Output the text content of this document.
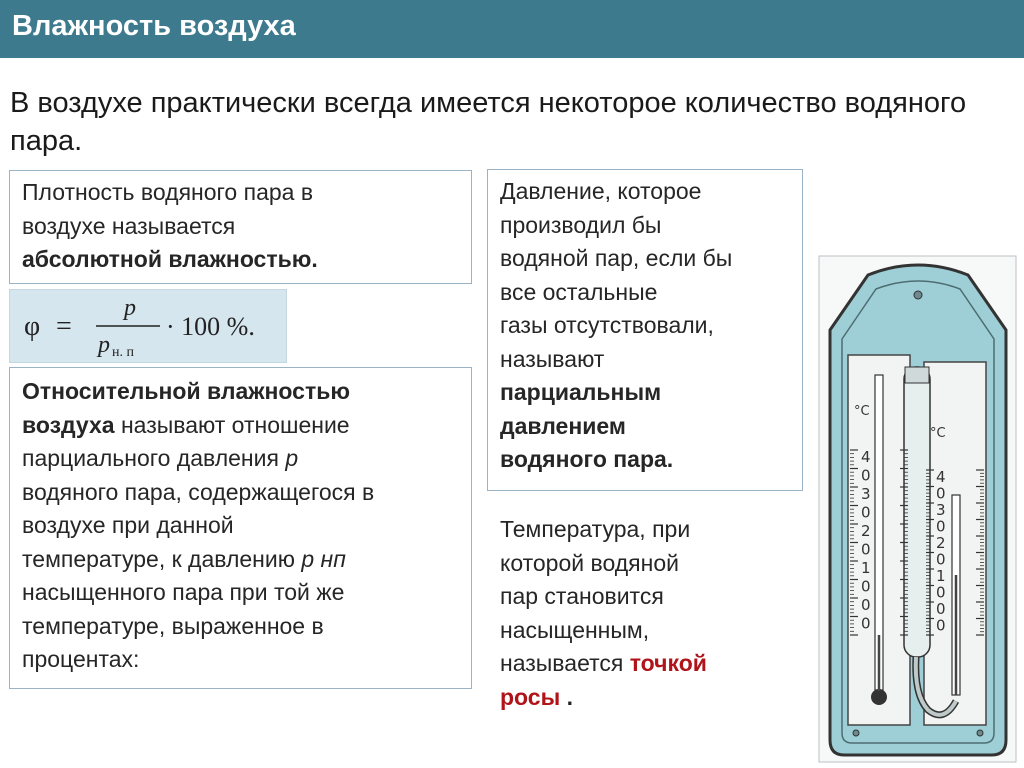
Влажность воздуха
В воздухе практически всегда имеется некоторое количество водяного пара.
Плотность водяного пара в
воздухе называется
абсолютной влажностью.
φ =
p
p н. п
· 100 %.
Относительной влажностью
воздуха называют отношение
парциального давления p
водяного пара, содержащегося в
воздухе при данной
температуре, к давлению p нп
насыщенного пара при той же
температуре, выраженное в
процентах:
Давление, которое
производил бы
водяной пар, если бы
все остальные
газы отсутствовали,
называют
парциальным
давлением
водяного пара.
Температура, при
которой водяной
пар становится
насыщенным,
называется точкой
росы .
°C
°C
4
0
3
0
2
0
1
0
0
0
4
0
3
0
2
0
1
0
0
0
